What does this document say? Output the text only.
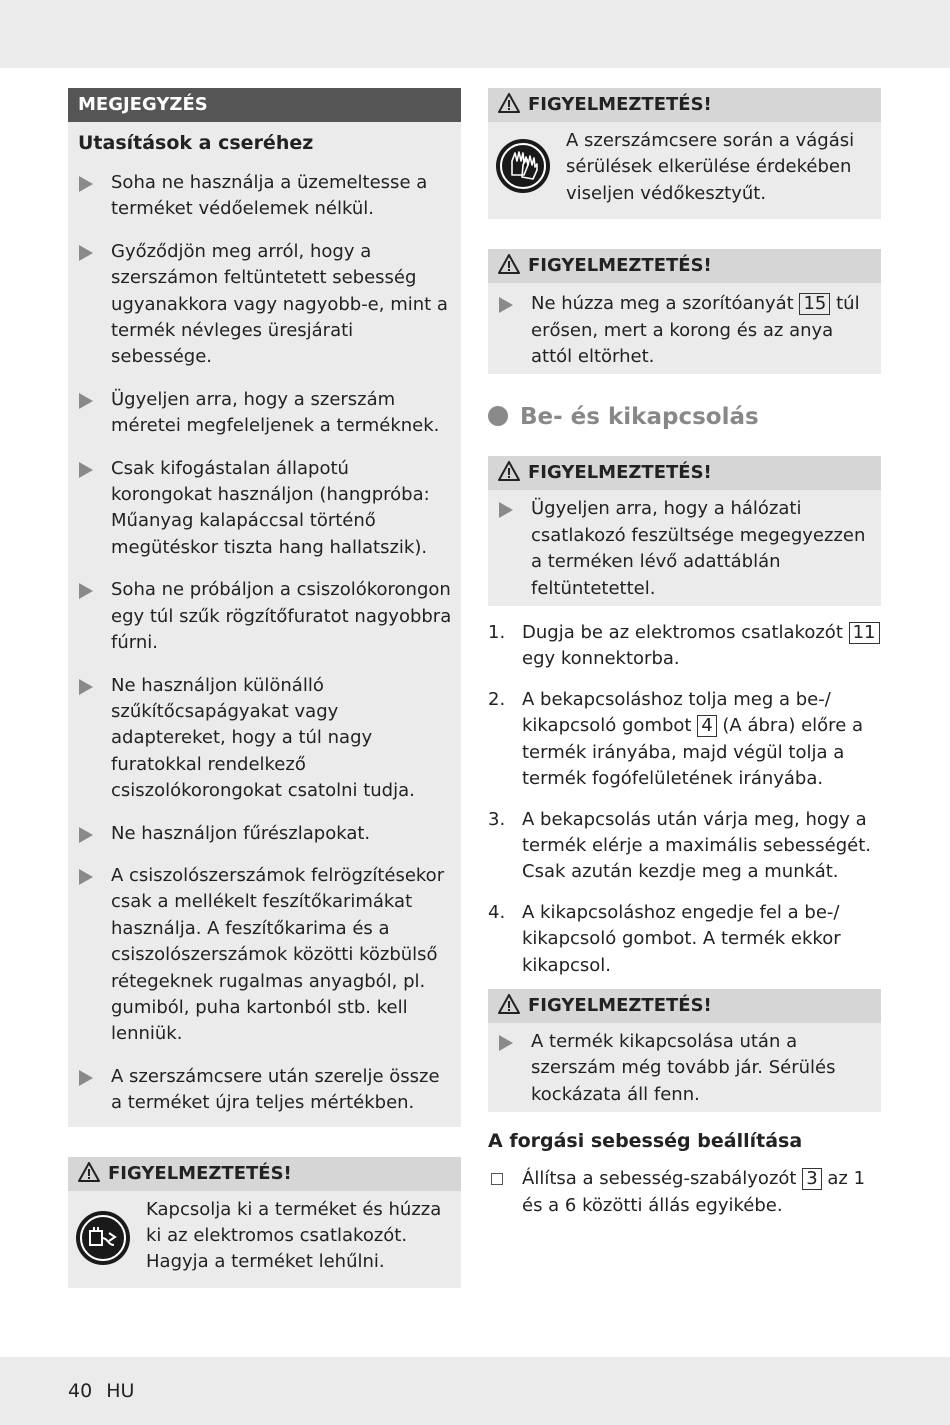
MEGJEGYZÉS
Utasítások a cseréhez
Soha ne használja a üzemeltesse a terméket védőelemek nélkül.
Győződjön meg arról, hogy a szerszámon feltüntetett sebesség ugyanakkora vagy nagyobb-e, mint a termék névleges üresjárati sebessége.
Ügyeljen arra, hogy a szerszám méretei megfeleljenek a terméknek.
Csak kifogástalan állapotú korongokat használjon (hangpróba: Műanyag kalapáccsal történő megütéskor tiszta hang hallatszik).
Soha ne próbáljon a csiszolókorongon egy túl szűk rögzítőfuratot nagyobbra fúrni.
Ne használjon különálló szűkítőcsapágyakat vagy adaptereket, hogy a túl nagy furatokkal rendelkező csiszolókorongokat csatolni tudja.
Ne használjon fűrészlapokat.
A csiszolószerszámok felrögzítésekor csak a mellékelt feszítőkarimákat használja. A feszítőkarima és a csiszolószerszámok közötti közbülső rétegeknek rugalmas anyagból, pl. gumiból, puha kartonból stb. kell lenniük.
A szerszámcsere után szerelje össze a terméket újra teljes mértékben.
FIGYELMEZTETÉS!
Kapcsolja ki a terméket és húzza ki az elektromos csatlakozót. Hagyja a terméket lehűlni.
FIGYELMEZTETÉS!
A szerszámcsere során a vágási sérülések elkerülése érdekében viseljen védőkesztyűt.
FIGYELMEZTETÉS!
Ne húzza meg a szorítóanyát 15 túl erősen, mert a korong és az anya attól eltörhet.
Be- és kikapcsolás
FIGYELMEZTETÉS!
Ügyeljen arra, hogy a hálózati csatlakozó feszültsége megegyezzen a terméken lévő adattáblán feltüntetettel.
1. Dugja be az elektromos csatlakozót 11 egy konnektorba.
2. A bekapcsoláshoz tolja meg a be-/ kikapcsoló gombot 4 (A ábra) előre a termék irányába, majd végül tolja a termék fogófelületének irányába.
3. A bekapcsolás után várja meg, hogy a termék elérje a maximális sebességét. Csak azután kezdje meg a munkát.
4. A kikapcsoláshoz engedje fel a be-/ kikapcsoló gombot. A termék ekkor kikapcsol.
FIGYELMEZTETÉS!
A termék kikapcsolása után a szerszám még tovább jár. Sérülés kockázata áll fenn.
A forgási sebesség beállítása
Állítsa a sebesség-szabályozót 3 az 1 és a 6 közötti állás egyikébe.
40 HU
